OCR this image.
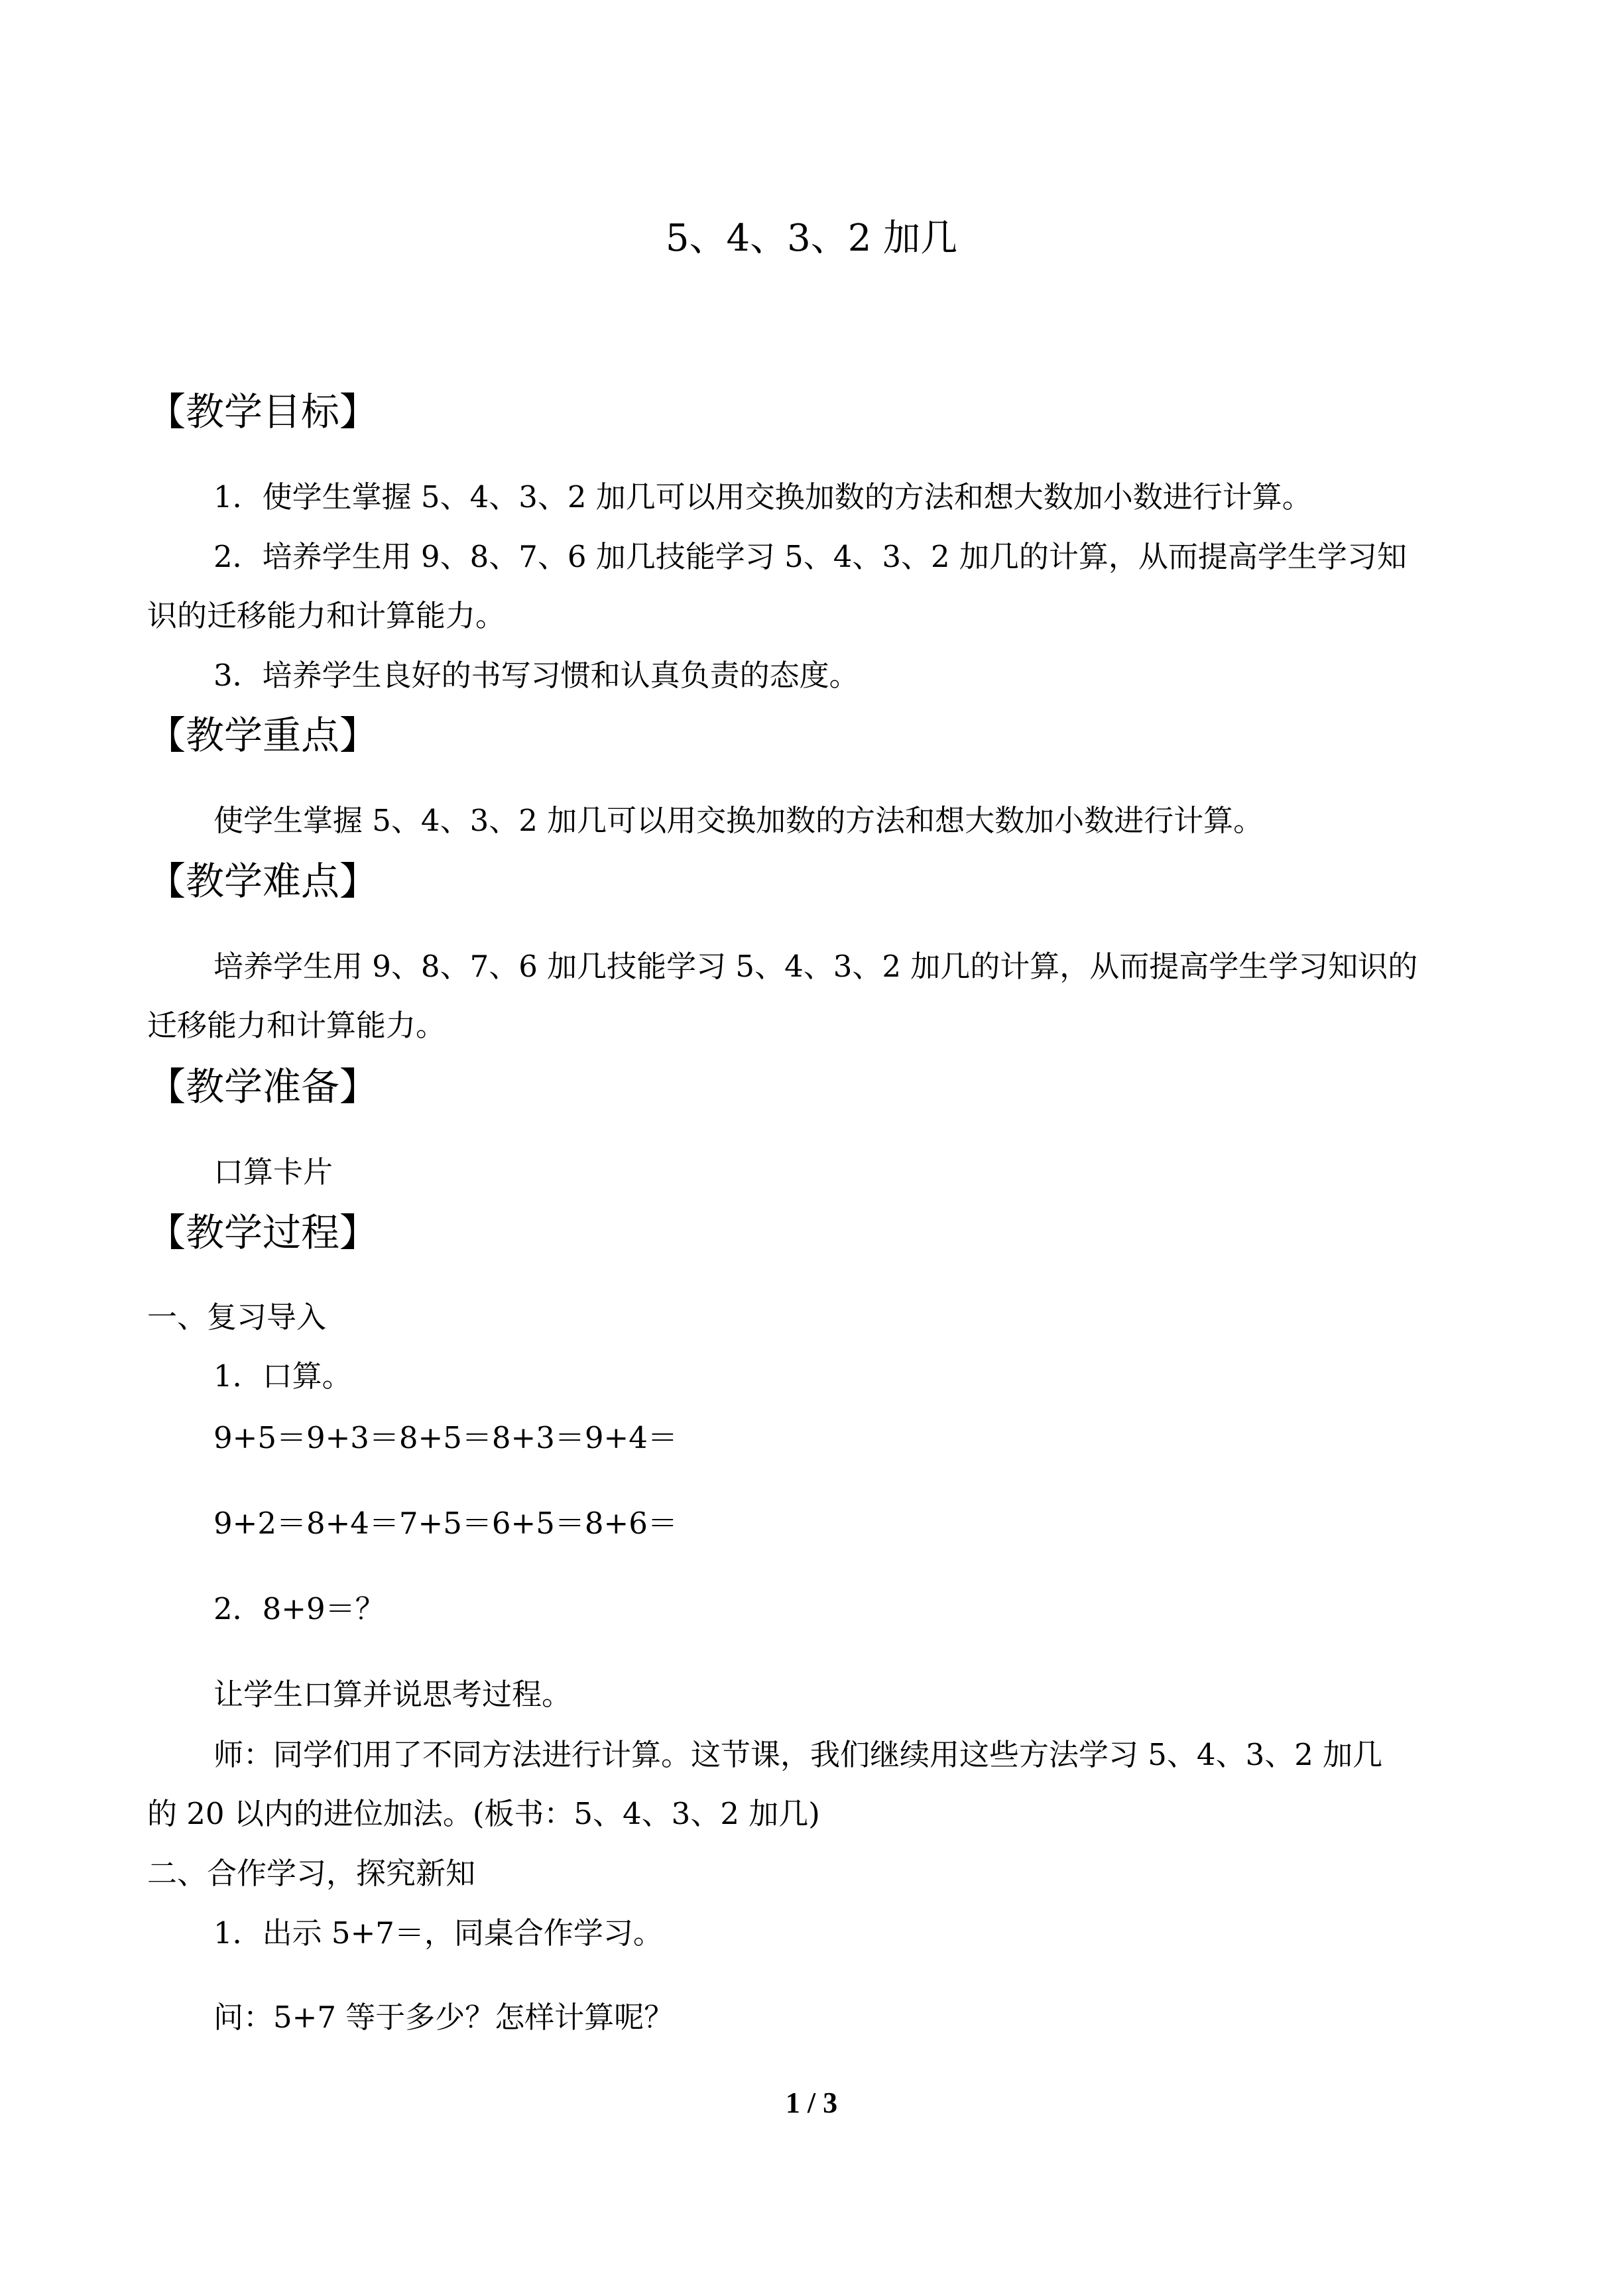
5、4、3、2 加几
【教学目标】
1．使学生掌握 5、4、3、2 加几可以用交换加数的方法和想大数加小数进行计算。
2．培养学生用 9、8、7、6 加几技能学习 5、4、3、2 加几的计算，从而提高学生学习知
识的迁移能力和计算能力。
3．培养学生良好的书写习惯和认真负责的态度。
【教学重点】
使学生掌握 5、4、3、2 加几可以用交换加数的方法和想大数加小数进行计算。
【教学难点】
培养学生用 9、8、7、6 加几技能学习 5、4、3、2 加几的计算，从而提高学生学习知识的
迁移能力和计算能力。
【教学准备】
口算卡片
【教学过程】
一、复习导入
1．口算。
9+5＝9+3＝8+5＝8+3＝9+4＝
9+2＝8+4＝7+5＝6+5＝8+6＝
2．8+9＝？
让学生口算并说思考过程。
师：同学们用了不同方法进行计算。这节课，我们继续用这些方法学习 5、4、3、2 加几
的 20 以内的进位加法。(板书：5、4、3、2 加几)
二、合作学习，探究新知
1．出示 5+7＝，同桌合作学习。
问：5+7 等于多少？怎样计算呢？
1 / 3
